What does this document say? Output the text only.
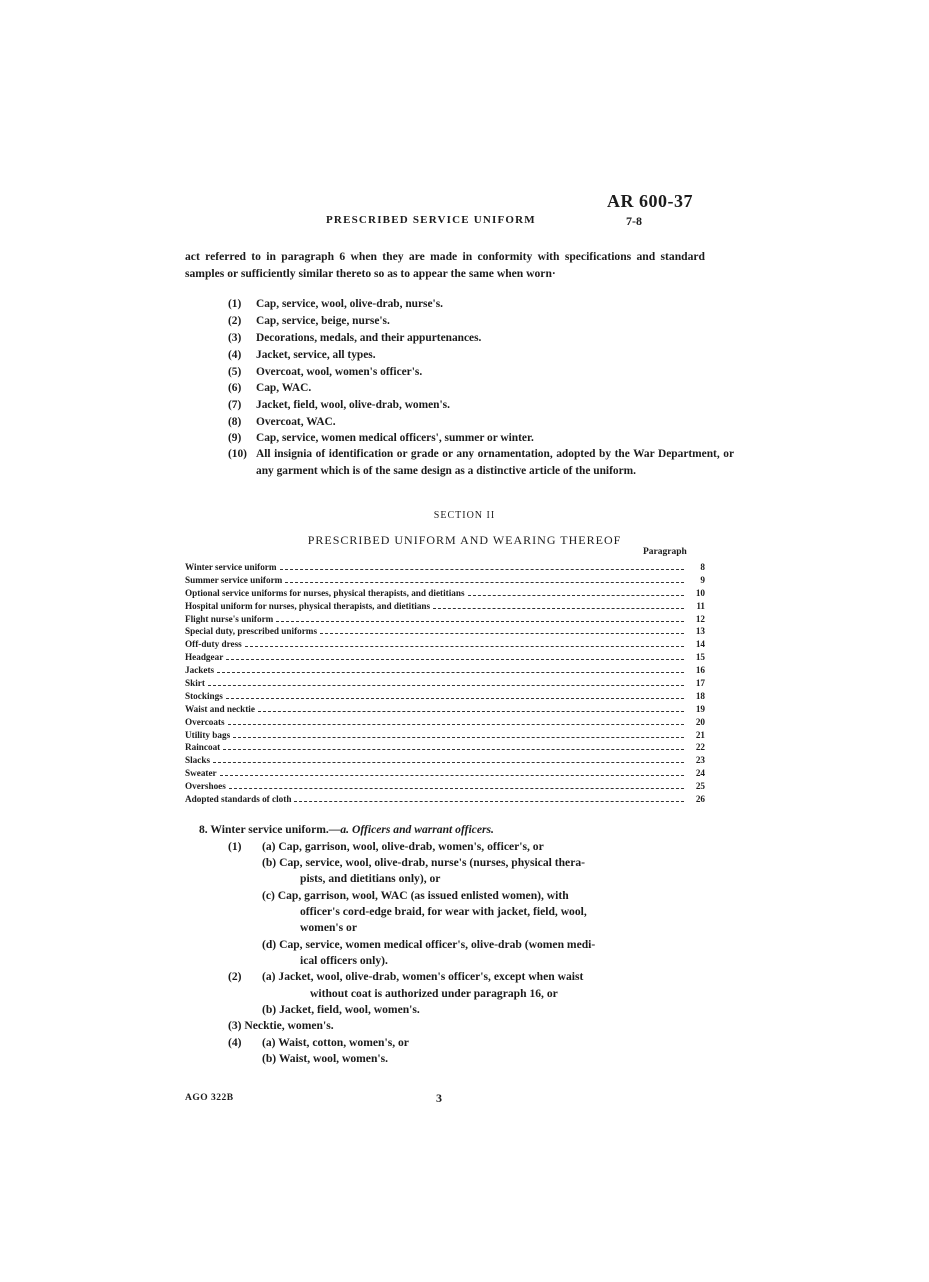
AR 600-37
PRESCRIBED SERVICE UNIFORM	7-8
act referred to in paragraph 6 when they are made in conformity with specifications and standard samples or sufficiently similar thereto so as to appear the same when worn·
(1) Cap, service, wool, olive-drab, nurse's.
(2) Cap, service, beige, nurse's.
(3) Decorations, medals, and their appurtenances.
(4) Jacket, service, all types.
(5) Overcoat, wool, women's officer's.
(6) Cap, WAC.
(7) Jacket, field, wool, olive-drab, women's.
(8) Overcoat, WAC.
(9) Cap, service, women medical officers', summer or winter.
(10) All insignia of identification or grade or any ornamentation, adopted by the War Department, or any garment which is of the same design as a distinctive article of the uniform.
SECTION II
PRESCRIBED UNIFORM AND WEARING THEREOF
Paragraph
Winter service uniform	8
Summer service uniform	9
Optional service uniforms for nurses, physical therapists, and dietitians	10
Hospital uniform for nurses, physical therapists, and dietitians	11
Flight nurse's uniform	12
Special duty, prescribed uniforms	13
Off-duty dress	14
Headgear	15
Jackets	16
Skirt	17
Stockings	18
Waist and necktie	19
Overcoats	20
Utility bags	21
Raincoat	22
Slacks	23
Sweater	24
Overshoes	25
Adopted standards of cloth	26
8. Winter service uniform.—a. Officers and warrant officers.
(1) (a) Cap, garrison, wool, olive-drab, women's, officer's, or
(b) Cap, service, wool, olive-drab, nurse's (nurses, physical thera-
pists, and dietitians only), or
(c) Cap, garrison, wool, WAC (as issued enlisted women), with
officer's cord-edge braid, for wear with jacket, field, wool,
women's or
(d) Cap, service, women medical officer's, olive-drab (women medi-
ical officers only).
(2) (a) Jacket, wool, olive-drab, women's officer's, except when waist
without coat is authorized under paragraph 16, or
(b) Jacket, field, wool, women's.
(3) Necktie, women's.
(4) (a) Waist, cotton, women's, or
(b) Waist, wool, women's.
AGO 322B	3
